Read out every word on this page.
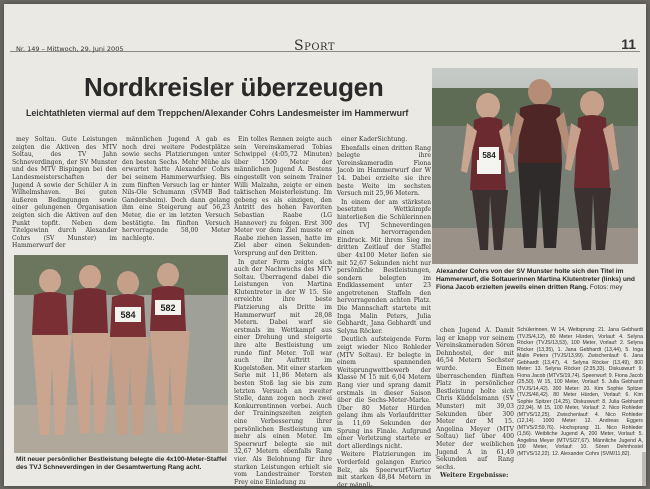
Nr. 149 – Mittwoch, 29. Juni 2005	Sport	11
Nordkreisler überzeugen
Leichtathleten viermal auf dem Treppchen/Alexander Cohrs Landesmeister im Hammerwurf
584
Alexander Cohrs von der SV Munster holte sich den Titel im Hammerwurf, die Soltauerinnen Martina Klutentreter (links) und Fiona Jacob erzielten jeweils einen dritten Rang. Fotos: mey

mey Soltau. Gute Leistungen zeigten die Aktiven des MTV Soltau, des TV Jahn Schneverdingen, der SV Munster und des MTV Bispingen bei den Landesmeisterschaften der Jugend A sowie der Schüler A in Wilhelmshaven. Bei guten äußeren Bedingungen sowie einer gelungenen Organisation zeigten sich die Aktiven auf den Punkt topfit. Neben dem Titelgewinn durch Alexander Cohrs (SV Munster) im Hammerwurf der

männlichen Jugend A gab es noch drei weitere Podestplätze sowie sechs Platzierungen unter den besten Sechs. Mehr Mühe als erwartet hatte Alexander Cohrs bei seinem Hammerwurfsieg. Bis zum fünften Versuch lag er hinter Nils-Ole Schumann (SVMB Bad Gandersheim). Doch dann gelang ihm eine Steigerung auf 56,23 Meter, die er im letzten Versuch bestätigte. Im fünften Versuch hervorragende 58,00 Meter nachlegte.

584
582
Mit neuer persönlicher Bestleistung belegte die 4x100-Meter-Staffel des TVJ Schneverdingen in der Gesamtwertung Rang acht.

Ein tolles Rennen zeigte auch sein Vereinskamerad Tobias Schwippel (4:05,72 Minuten) über 1500 Meter der männlichen Jugend A. Bestens eingestellt von seinem Trainer Willi Malzahn, zeigte er einen taktischen Meisterleistung. Im gebeng es als einzigen, den Antritt des hohen Favoriten Sebastian Raabe (LG Hannover) zu folgen. Erst 300 Meter vor dem Ziel musste er Raabe ziehen lassen, hatte im Ziel aber einen Sekunden-Vorsprung auf den Dritten.

In guter Form zeigte sich auch der Nachwuchs des MTV Soltau. Überragend dabei die Leistungen von Martina Klutentreter in der W 15. Sie erreichte ihre beste Platzierung als Dritte im Hammerwurf mit 28,08 Metern. Dabei warf sie erstmals im Wettkampf aus einer Drehung und steigerte ihre alte Bestleistung um runde fünf Meter. Toll war auch ihr Auftritt im Kugelstoßen. Mit einer starken Serie mit 11,86 Metern als besten Stoß lag sie bis zum letzten Versuch an zweiter Stelle, dann zogen noch zwei Konkurrentinnen vorbei. Auch der Trainingszeiten zeigten eine Verbesserung ihrer persönlichen Bestleistung um mehr als einen Meter. Im Speerwurf belegte sie mit 32,67 Metern ebenfalls Rang vier. Als Belohnung für ihre starken Leistungen erhielt sie vom Landestrainer Torsten Frey eine Einladung zu

einer KaderSichtung.

Ebenfalls einen dritten Rang belegte ihre Vereinskameradin Fiona Jacob im Hammerwurf der W 14. Dabei erzielte sie ihre beste Weite im sechsten Versuch mit 25,96 Metern.

In einem der am stärksten besetzten Wettkämpfe hinterließen die Schülerinnen des TVJ Schneverdingen einen hervorragenden Eindruck. Mit ihrem Sieg im dritten Zeitlauf der Staffel über 4x100 Meter liefen sie mit 52,67 Sekunden nicht nur persönliche Bestleistungen, sondern belegten im Endklassement unter 23 angetretenen Staffeln den hervorragenden achten Platz. Die Mannschaft startete mit Inga Malin Peters, Julia Gebhardt, Jana Gebhardt und Selyna Röcker.

Deutlich aufsteigende Form zeigt wieder Nico Rohleder (MTV Soltau). Er belegte in einem spannenden Weitsprungwettbewerb der Klasse M 15 mit 6,04 Metern Rang vier und sprang damit erstmals in dieser Saison über die Sechs-Meter-Marke. Über 80 Meter Hürden gelang ihm als Vorlaufdritter in 11,69 Sekunden der Sprung ins Finale. Aufgrund einer Verletzung startete er dort allerdings nicht.

Weitere Platzierungen im Vorderfeld gelangen Enrico Belz, als Speerwurf-Vierter mit starken 48,84 Metern in der männli-

chen Jugend A. Damit lag er knapp vor seinem Vereinskameraden Sören Dehnhostel, der mit 46,54 Metern Sechster wurde. Einen überraschenden fünften Platz in persönlicher Bestleistung holte sich Chris Küddelsmann (SV Munster) mit 39,03 Sekunden über 300 Meter der M 15. Angelina Meyer (MTV Soltau) lief über 400 Meter der weiblichen Jugend A in 61,49 Sekunden auf Rang sechs.

Weitere Ergebnisse:

Schülerinnen, W 14, Weitsprung: 21. Jana Gebhardt (TVJS/4,12), 80 Meter Hürden, Vorlauf: 4. Selyna Röcker (TVJS/13,53), 100 Meter, Vorlauf: 2. Selyna Röcker (13,35), 1. Jana Gebhardt (13,44), 5. Inga Malin Peters (TVJS/13,99). Zwischenlauf: 6. Jana Gebhardt (13,47), 4. Selyna Röcker (13,49), 800 Meter: 13. Selyna Röcker (2:35,33). Diskuswurf: 9. Fiona Jacob (MTVS/19,74). Speerwurf: 9. Fiona Jacob (25,50). W 15, 100 Meter, Vorlauf: 5. Julia Gebhardt (TVJS/14,42). 300 Meter: 20. Kim Sophie Spitzer (TVJS/46,42). 80 Meter Hürden, Vorlauf: 6. Kim Sophie Spitzer (14,25). Diskuswurf: 8. Julia Gebhardt (22,94). M 15, 100 Meter, Vorlauf: 2. Nico Rohleder (MTVS/12,25). Zwischenlauf: 4. Nico Rohleder (12,14). 1000 Meter: 12. Andreas Eggers (MTVS/2:59,76). Hochsprung: 11. Nico Rohleder (1,56). Weibliche Jugend A, 200 Meter, Vorlauf: 5. Angelina Meyer (MTVS/27,67). Männliche Jugend A, 100 Meter, Vorlauf: 10. Sören Dehnhostel (MTVS/12,22). 12. Alexander Cohrs (SVM/11,82).
